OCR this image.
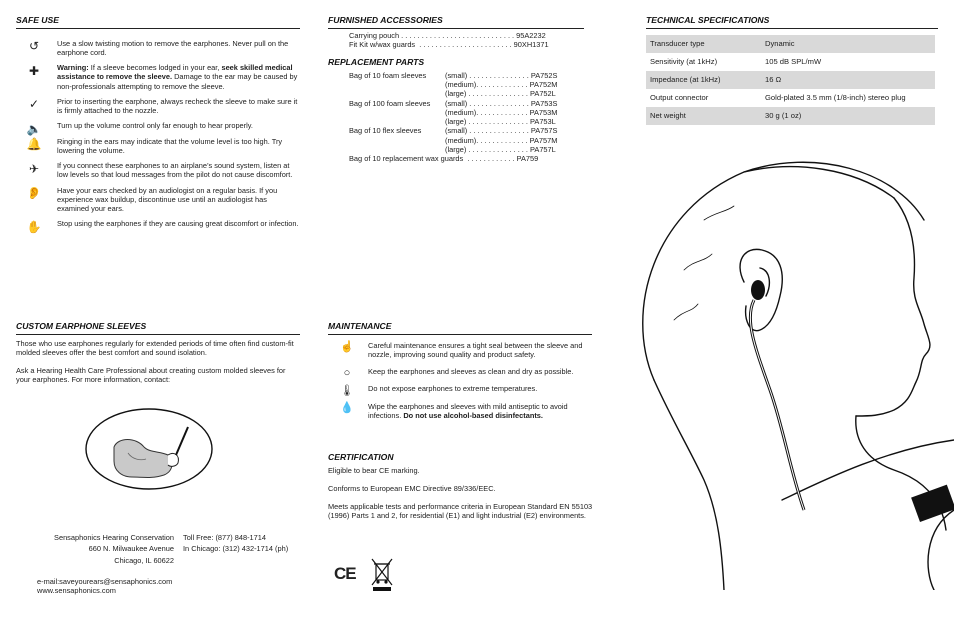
SAFE USE
↺	Use a slow twisting motion to remove the earphones. Never pull on the earphone cord.
✚	Warning: If a sleeve becomes lodged in your ear, seek skilled medical assistance to remove the sleeve. Damage to the ear may be caused by non-professionals attempting to remove the sleeve.
✓	Prior to inserting the earphone, always recheck the sleeve to make sure it is firmly attached to the nozzle.
🔈 Turn up the volume control only far enough to hear properly.
🔔 Ringing in the ears may indicate that the volume level is too high. Try lowering the volume.
✈	If you connect these earphones to an airplane’s sound system, listen at low levels so that loud messages from the pilot do not cause discomfort.
👂 Have your ears checked by an audiologist on a regular basis. If you experience wax buildup, discontinue use until an audiologist has examined your ears.
✋ Stop using the earphones if they are causing great discomfort or infection.
CUSTOM EARPHONE SLEEVES

Those who use earphones regularly for extended periods of time often find custom-fit molded sleeves offer the best comfort and sound isolation.

Ask a Hearing Health Care Professional about creating custom molded sleeves for your earphones. For more information, contact:

Sensaphonics Hearing Conservation
660 N. Milwaukee Avenue
Chicago, IL 60622
Toll Free: (877) 848-1714
In Chicago: (312) 432-1714 (ph)
e-mail:saveyourears@sensaphonics.com
www.sensaphonics.com
FURNISHED ACCESSORIES
Carrying pouch . . . . . . . . . . . . . . . . . . . . . . . . . . . . 95A2232
Fit Kit w/wax guards  . . . . . . . . . . . . . . . . . . . . . . . 90XH1371
REPLACEMENT PARTS
Bag of 10 foam sleeves	(small) . . . . . . . . . . . . . . . PA752S
(medium). . . . . . . . . . . . . PA752M
(large) . . . . . . . . . . . . . . . PA752L
Bag of 100 foam sleeves	(small) . . . . . . . . . . . . . . . PA753S
(medium). . . . . . . . . . . . . PA753M
(large) . . . . . . . . . . . . . . . PA753L
Bag of 10 flex sleeves	(small) . . . . . . . . . . . . . . . PA757S
(medium). . . . . . . . . . . . . PA757M
(large) . . . . . . . . . . . . . . . PA757L
Bag of 10 replacement wax guards  . . . . . . . . . . . . PA759
MAINTENANCE
☝ Careful maintenance ensures a tight seal between the sleeve and nozzle, improving sound quality and product safety.
○	Keep the earphones and sleeves as clean and dry as possible.
🌡 Do not expose earphones to extreme temperatures.
💧 Wipe the earphones and sleeves with mild antiseptic to avoid infections. Do not use alcohol-based disinfectants.
CERTIFICATION

Eligible to bear CE marking.

Conforms to European EMC Directive 89/336/EEC.

Meets applicable tests and performance criteria in European Standard EN 55103 (1996) Parts 1 and 2, for residential (E1) and light industrial (E2) environments.

CE
TECHNICAL SPECIFICATIONS
Transducer type	Dynamic
Sensitivity (at 1kHz)	105 dB SPL/mW
Impedance (at 1kHz)	16 Ω
Output connector	Gold-plated 3.5 mm (1/8-inch) stereo plug
Net weight	30 g (1 oz)
